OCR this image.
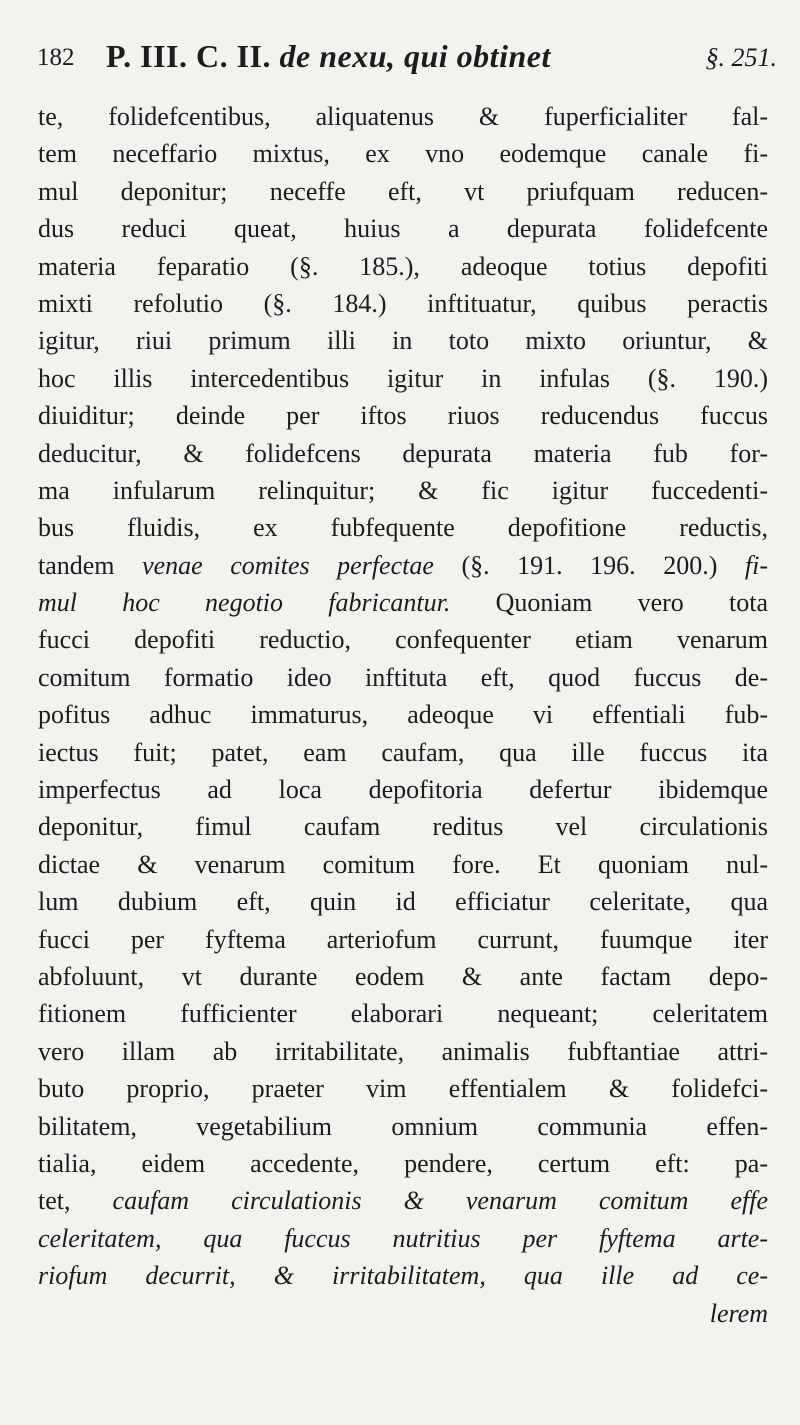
182 P. III. C. II. de nexu, qui obtinet	§. 251.
te, folidefcentibus, aliquatenus & fuperficialiter fal-
tem neceffario mixtus, ex vno eodemque canale fi-
mul deponitur; neceffe eft, vt priufquam reducen-
dus reduci queat, huius a depurata folidefcente
materia feparatio (§. 185.), adeoque totius depofiti
mixti refolutio (§. 184.) inftituatur, quibus peractis
igitur, riui primum illi in toto mixto oriuntur, &
hoc illis intercedentibus igitur in infulas (§. 190.)
diuiditur; deinde per iftos riuos reducendus fuccus
deducitur, & folidefcens depurata materia fub for-
ma infularum relinquitur; & fic igitur fuccedenti-
bus fluidis, ex fubfequente depofitione reductis,
tandem venae comites perfectae (§. 191. 196. 200.) fi-
mul hoc negotio fabricantur. Quoniam vero tota
fucci depofiti reductio, confequenter etiam venarum
comitum formatio ideo inftituta eft, quod fuccus de-
pofitus adhuc immaturus, adeoque vi effentiali fub-
iectus fuit; patet, eam caufam, qua ille fuccus ita
imperfectus ad loca depofitoria defertur ibidemque
deponitur, fimul caufam reditus vel circulationis
dictae & venarum comitum fore. Et quoniam nul-
lum dubium eft, quin id efficiatur celeritate, qua
fucci per fyftema arteriofum currunt, fuumque iter
abfoluunt, vt durante eodem & ante factam depo-
fitionem fufficienter elaborari nequeant; celeritatem
vero illam ab irritabilitate, animalis fubftantiae attri-
buto proprio, praeter vim effentialem & folidefci-
bilitatem, vegetabilium omnium communia effen-
tialia, eidem accedente, pendere, certum eft: pa-
tet, caufam circulationis & venarum comitum effe
celeritatem, qua fuccus nutritius per fyftema arte-
riofum decurrit, & irritabilitatem, qua ille ad ce-
lerem
